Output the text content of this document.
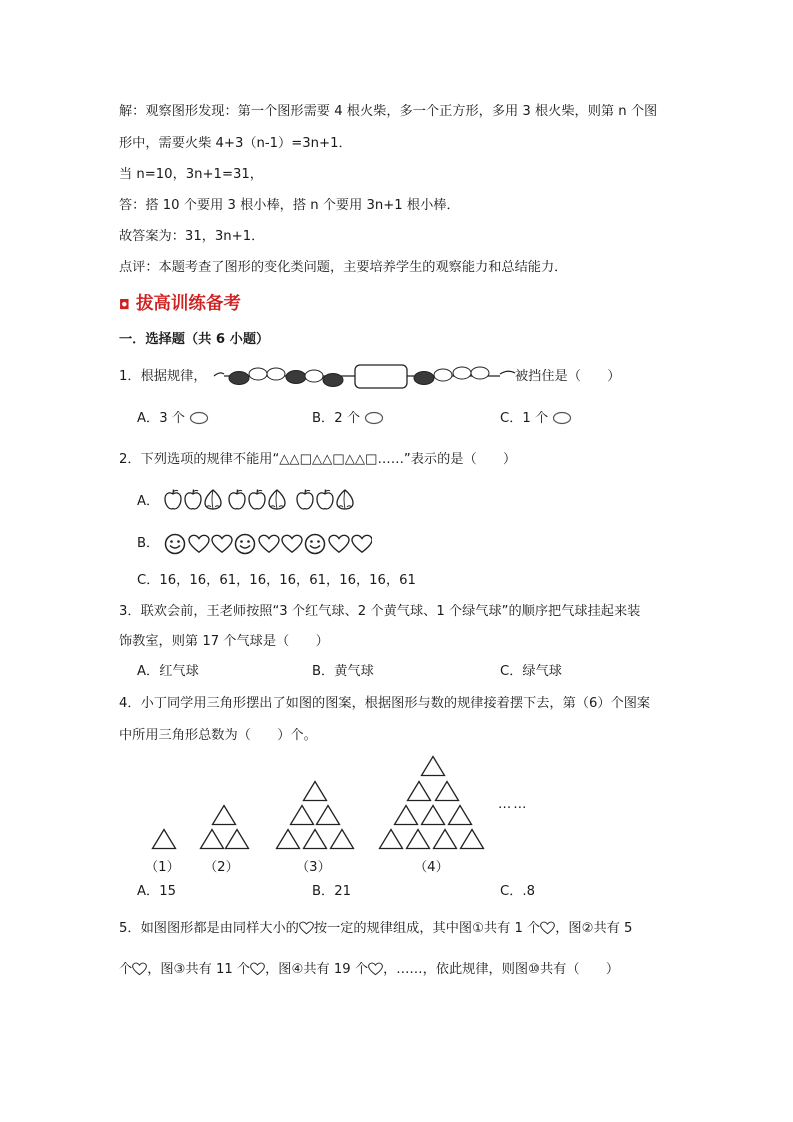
解：观察图形发现：第一个图形需要 4 根火柴，多一个正方形，多用 3 根火柴，则第 n 个图
形中，需要火柴 4+3（n-1）=3n+1．
当 n=10，3n+1=31，
答：搭 10 个要用 3 根小棒，搭 n 个要用 3n+1 根小棒．
故答案为：31，3n+1．
点评：本题考查了图形的变化类问题，主要培养学生的观察能力和总结能力．
◘ 拔高训练备考
一．选择题（共 6 小题）
1．根据规律，	被挡住是（　　）
A．3 个	B．2 个	C．1 个
2．下列选项的规律不能用“△△□△△□△△□……”表示的是（　　）
A．
B．
C．16，16，61，16，16，61，16，16，61
3．联欢会前，王老师按照“3 个红气球、2 个黄气球、1 个绿气球”的顺序把气球挂起来装
饰教室，则第 17 个气球是（　　）
A．红气球	B．黄气球	C．绿气球
4．小丁同学用三角形摆出了如图的图案，根据图形与数的规律接着摆下去，第（6）个图案
中所用三角形总数为（　　）个。
（1） （2）	（3）	（4）
……
A．15	B．21	C．.8
5．如图图形都是由同样大小的 按一定的规律组成，其中图①共有 1 个 ，图②共有 5
个 ，图③共有 11 个 ，图④共有 19 个 ，……，依此规律，则图⑩共有（　　）
